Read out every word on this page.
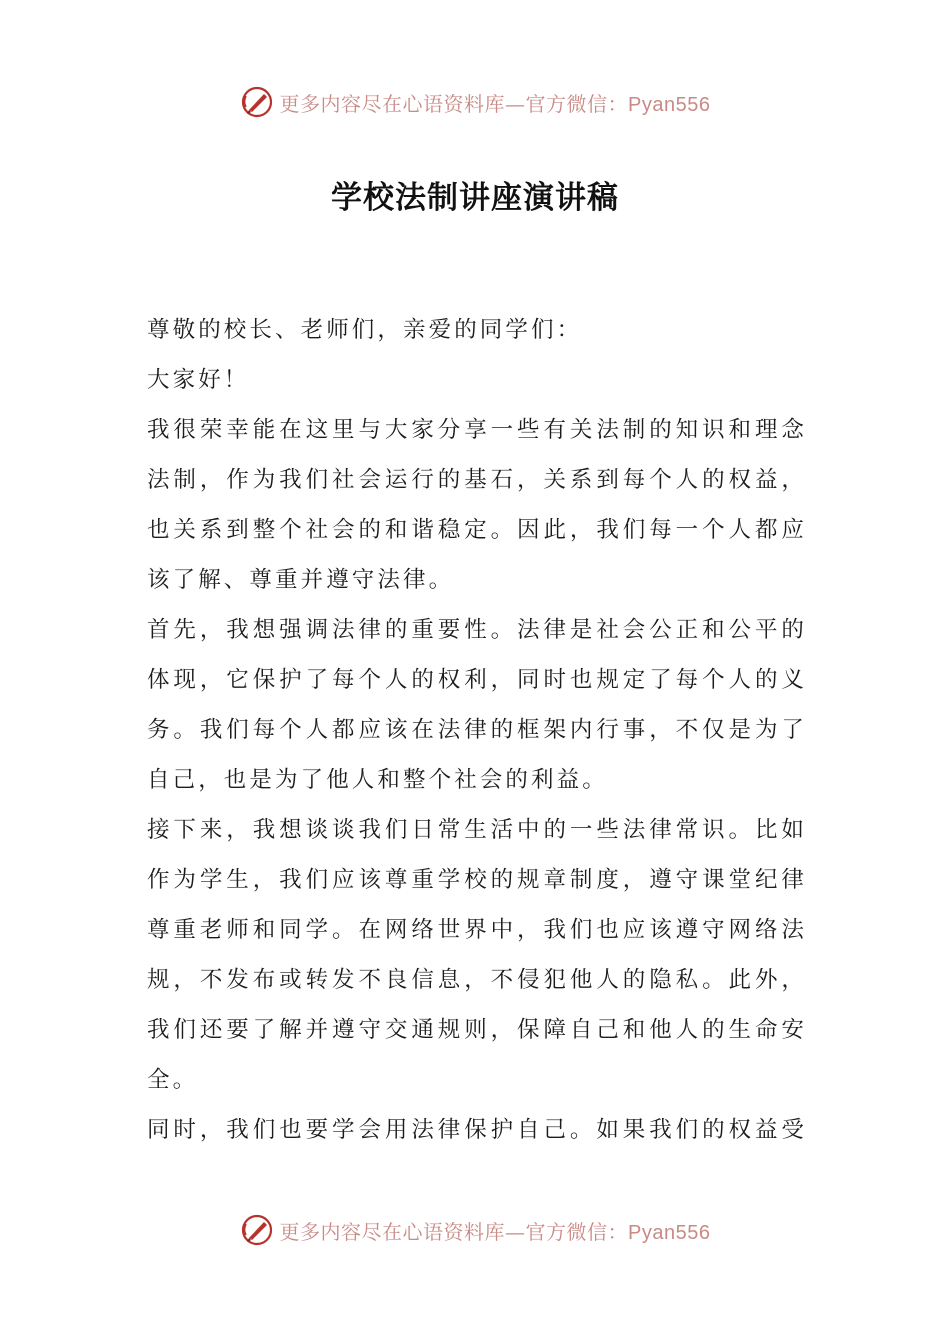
更多内容尽在心语资料库—官方微信：Pyan556
学校法制讲座演讲稿
尊敬的校长、老师们，亲爱的同学们：
大家好！
我很荣幸能在这里与大家分享一些有关法制的知识和理念
法制，作为我们社会运行的基石，关系到每个人的权益，
也关系到整个社会的和谐稳定。因此，我们每一个人都应
该了解、尊重并遵守法律。
首先，我想强调法律的重要性。法律是社会公正和公平的
体现，它保护了每个人的权利，同时也规定了每个人的义
务。我们每个人都应该在法律的框架内行事，不仅是为了
自己，也是为了他人和整个社会的利益。
接下来，我想谈谈我们日常生活中的一些法律常识。比如
作为学生，我们应该尊重学校的规章制度，遵守课堂纪律
尊重老师和同学。在网络世界中，我们也应该遵守网络法
规，不发布或转发不良信息，不侵犯他人的隐私。此外，
我们还要了解并遵守交通规则，保障自己和他人的生命安
全。
同时，我们也要学会用法律保护自己。如果我们的权益受
更多内容尽在心语资料库—官方微信：Pyan556
